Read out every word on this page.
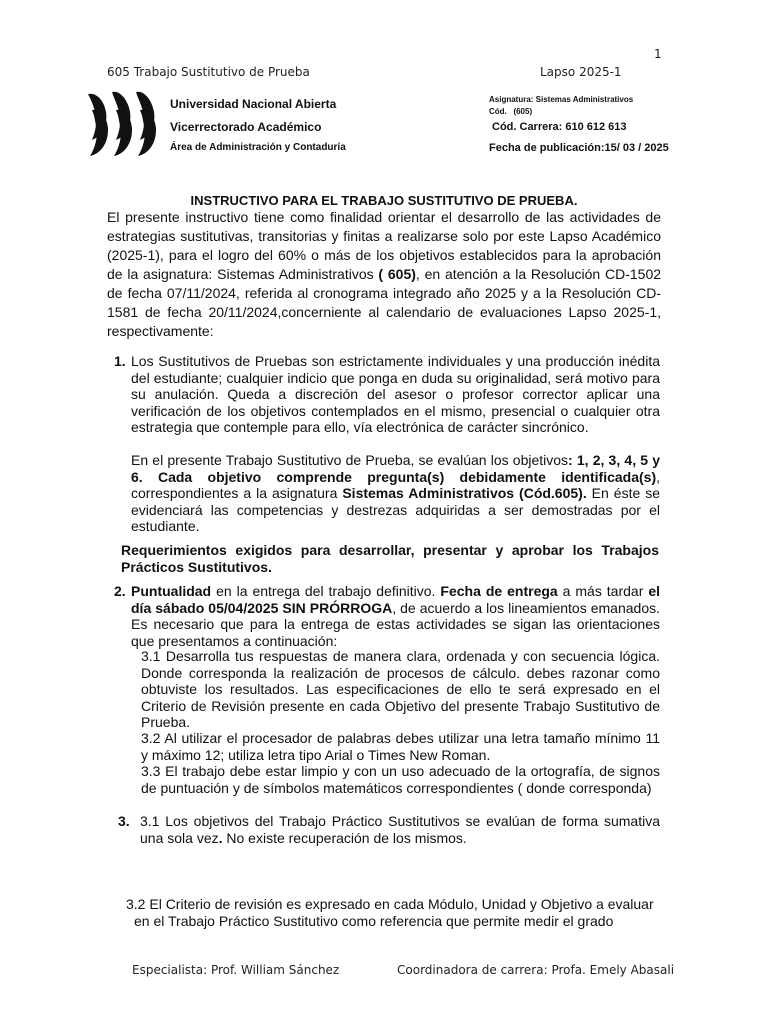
1
605 Trabajo Sustitutivo de Prueba	Lapso 2025-1
Universidad Nacional Abierta
Vicerrectorado Académico
Área de Administración y Contaduría
Asignatura: Sistemas Administrativos
Cód.   (605)
Cód. Carrera: 610 612 613
Fecha de publicación:15/ 03 / 2025
INSTRUCTIVO PARA EL TRABAJO SUSTITUTIVO DE PRUEBA.
El presente instructivo tiene como finalidad orientar el desarrollo de las actividades de estrategias sustitutivas, transitorias y finitas a realizarse solo por este Lapso Académico (2025-1), para el logro del 60% o más de los objetivos establecidos para la aprobación de la asignatura: Sistemas Administrativos ( 605), en atención a la Resolución CD-1502 de fecha 07/11/2024, referida al cronograma integrado año 2025 y a la Resolución CD-1581 de fecha 20/11/2024,concerniente al calendario de evaluaciones Lapso 2025-1, respectivamente:
1. Los Sustitutivos de Pruebas son estrictamente individuales y una producción inédita del estudiante; cualquier indicio que ponga en duda su originalidad, será motivo para su anulación. Queda a discreción del asesor o profesor corrector aplicar una verificación de los objetivos contemplados en el mismo, presencial o cualquier otra estrategia que contemple para ello, vía electrónica de carácter sincrónico.
En el presente Trabajo Sustitutivo de Prueba, se evalúan los objetivos: 1, 2, 3, 4, 5 y 6. Cada objetivo comprende pregunta(s) debidamente identificada(s), correspondientes a la asignatura Sistemas Administrativos (Cód.605). En éste se evidenciará las competencias y destrezas adquiridas a ser demostradas por el estudiante.
Requerimientos exigidos para desarrollar, presentar y aprobar los Trabajos Prácticos Sustitutivos.
2. Puntualidad en la entrega del trabajo definitivo. Fecha de entrega a más tardar el día sábado 05/04/2025 SIN PRÓRROGA, de acuerdo a los lineamientos emanados. Es necesario que para la entrega de estas actividades se sigan las orientaciones que presentamos a continuación:
3.1 Desarrolla tus respuestas de manera clara, ordenada y con secuencia lógica. Donde corresponda la realización de procesos de cálculo. debes razonar como obtuviste los resultados. Las especificaciones de ello te será expresado en el Criterio de Revisión presente en cada Objetivo del presente Trabajo Sustitutivo de Prueba.
3.2 Al utilizar el procesador de palabras debes utilizar una letra tamaño mínimo 11 y máximo 12; utiliza letra tipo Arial o Times New Roman.
3.3 El trabajo debe estar limpio y con un uso adecuado de la ortografía, de signos de puntuación y de símbolos matemáticos correspondientes ( donde corresponda)
3. 3.1 Los objetivos del Trabajo Práctico Sustitutivos se evalúan de forma sumativa una sola vez. No existe recuperación de los mismos.
3.2 El Criterio de revisión es expresado en cada Módulo, Unidad y Objetivo a evaluar
en el Trabajo Práctico Sustitutivo como referencia que permite medir el grado
Especialista: Prof. William Sánchez	Coordinadora de carrera: Profa. Emely Abasali
